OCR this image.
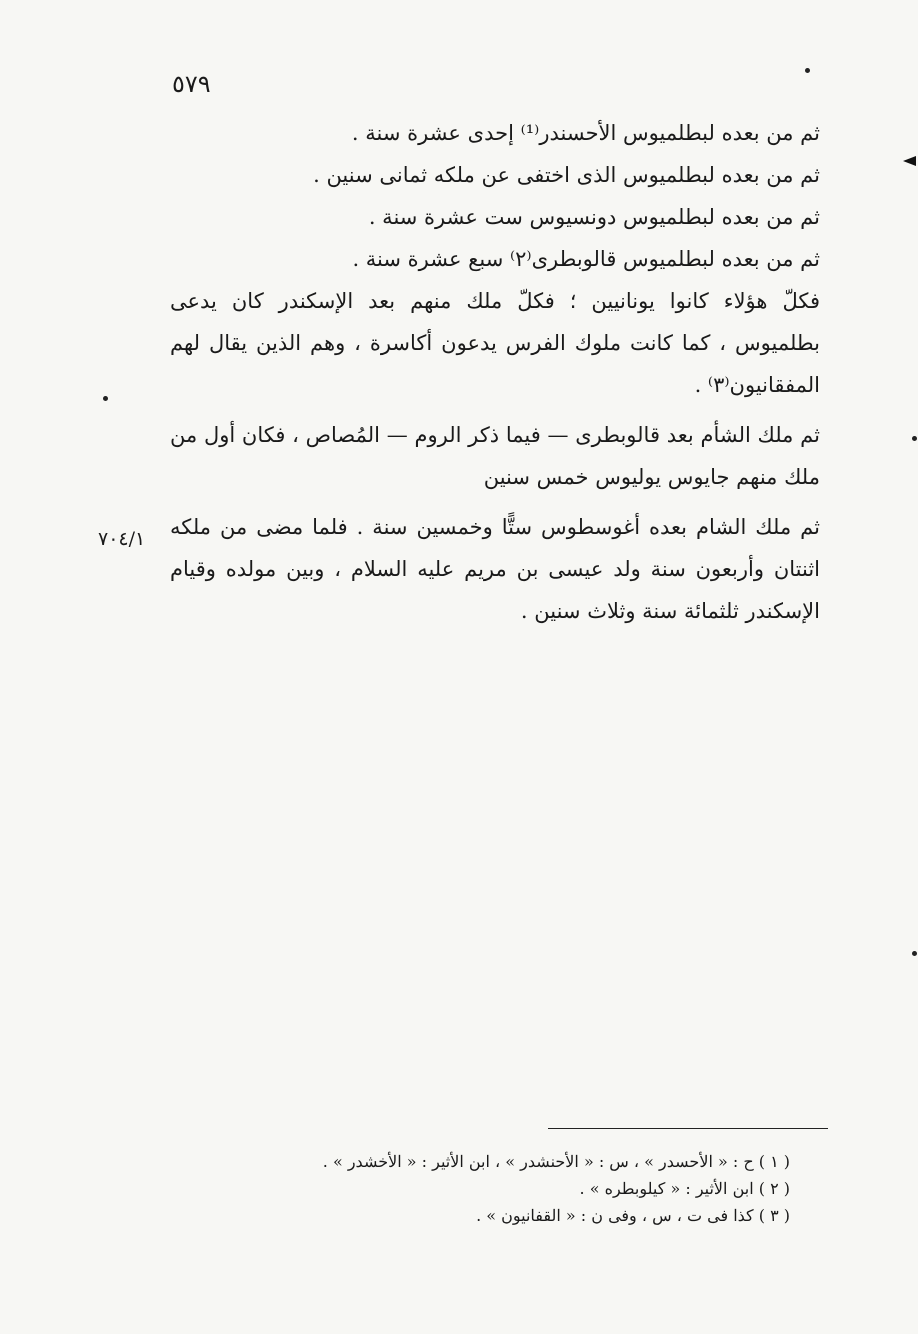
٥٧٩
ثم من بعده لبطلميوس الأحسندر⁽¹⁾ إحدى عشرة سنة .
ثم من بعده لبطلميوس الذى اختفى عن ملكه ثمانى سنين .
ثم من بعده لبطلميوس دونسيوس ست عشرة سنة .
ثم من بعده لبطلميوس قالوبطرى⁽٢⁾ سبع عشرة سنة .
فكلّ هؤلاء كانوا يونانيين ؛ فكلّ ملك منهم بعد الإسكندر كان يدعى
بطلميوس ، كما كانت ملوك الفرس يدعون أكاسرة ، وهم الذين يقال لهم
المفقانيون⁽٣⁾ .
ثم ملك الشأم بعد قالوبطرى — فيما ذكر الروم — المُصاص ، فكان أول من
ملك منهم جايوس يوليوس خمس سنين
ثم ملك الشام بعده أغوسطوس ستًّا وخمسين سنة . فلما مضى من ملكه
اثنتان وأربعون سنة ولد عيسى بن مريم عليه السلام ، وبين مولده وقيام
الإسكندر ثلثمائة سنة وثلاث سنين .
٧٠٤/١
( ١ ) ح : « الأحسدر » ، س : « الأحنشدر » ، ابن الأثير : « الأخشدر » .
( ٢ ) ابن الأثير : « كيلوبطره » .
( ٣ ) كذا فى ت ، س ، وفى ن : « القفانيون » .
